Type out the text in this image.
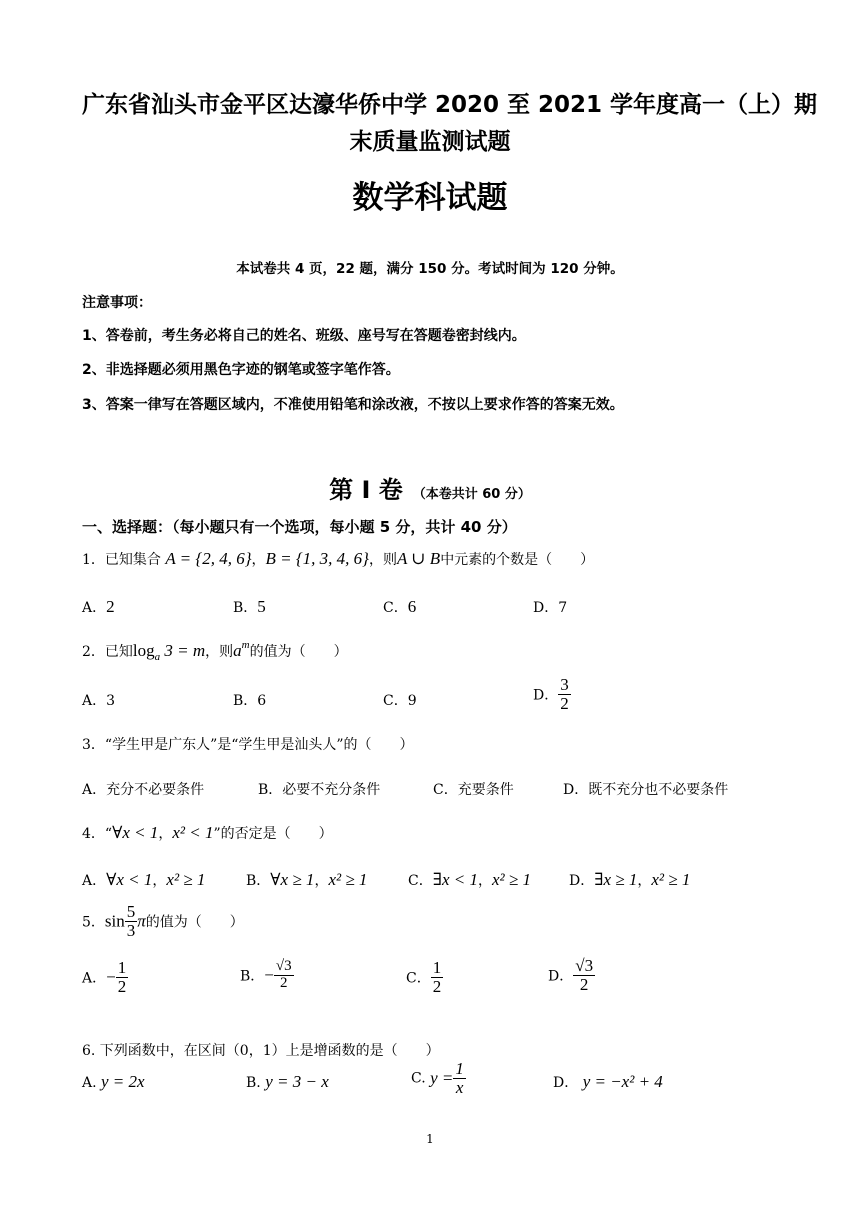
广东省汕头市金平区达濠华侨中学 2020 至 2021 学年度高一（上）期
末质量监测试题
数学科试题
本试卷共 4 页，22 题，满分 150 分。考试时间为 120 分钟。
注意事项：
1、答卷前，考生务必将自己的姓名、班级、座号写在答题卷密封线内。
2、非选择题必须用黑色字迹的钢笔或签字笔作答。
3、答案一律写在答题区域内，不准使用铅笔和涂改液，不按以上要求作答的答案无效。
第 I 卷 （本卷共计 60 分）
一、选择题：（每小题只有一个选项，每小题 5 分，共计 40 分）
1．已知集合 A = {2, 4, 6}，B = {1, 3, 4, 6}，则A ∪ B中元素的个数是（　　）
A．2	B．5	C．6	D．7
2．已知$\log_a 3 = m$，则$a^m$的值为（　　）
A．3	B．6	C．9	D． $\frac{3}{2}$
3．“学生甲是广东人”是“学生甲是汕头人”的（　　）
A．充分不必要条件	B．必要不充分条件	C．充要条件	D．既不充分也不必要条件
4．“∀x < 1，x² < 1”的否定是（　　）
A．∀x < 1，x² ≥ 1	B．∀x ≥ 1，x² ≥ 1	C．∃x < 1，x² ≥ 1	D．∃x ≥ 1，x² ≥ 1
5．$\sin \frac{5}{3}$ π的值为（　　）
A．− $\frac{1}{2}$	B．− $\frac{√3}{2}$	C． $\frac{1}{2}$	D． $\frac{√3}{2}$
6. 下列函数中，在区间（0，1）上是增函数的是（　　）
A. y = 2x	B. y = 3 − x	C. $y = \frac{1}{x}$	D． y = −x² + 4
1
